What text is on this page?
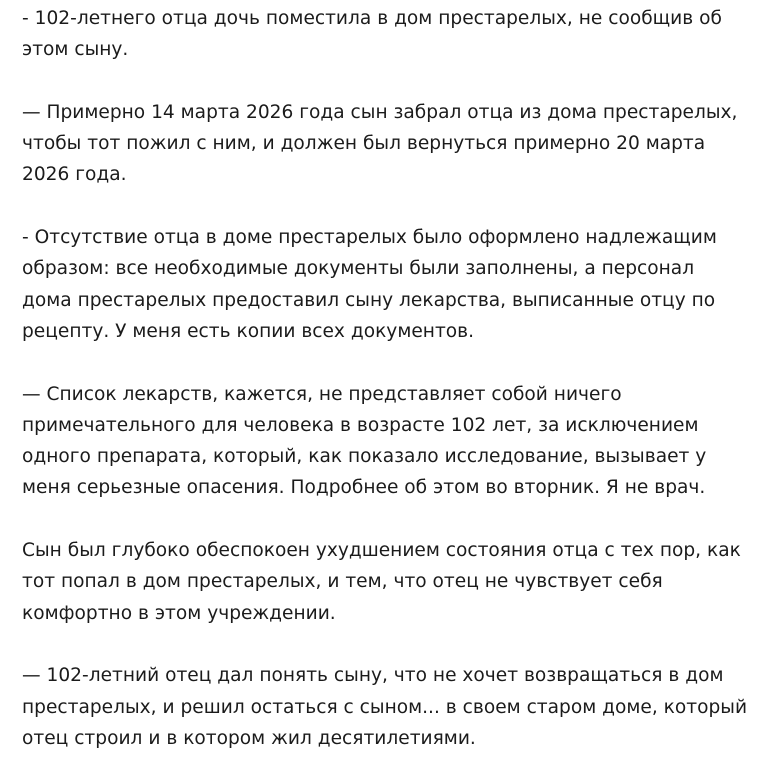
- 102-летнего отца дочь поместила в дом престарелых, не сообщив об
этом сыну.

— Примерно 14 марта 2026 года сын забрал отца из дома престарелых,
чтобы тот пожил с ним, и должен был вернуться примерно 20 марта
2026 года.

- Отсутствие отца в доме престарелых было оформлено надлежащим
образом: все необходимые документы были заполнены, а персонал
дома престарелых предоставил сыну лекарства, выписанные отцу по
рецепту. У меня есть копии всех документов.

— Список лекарств, кажется, не представляет собой ничего
примечательного для человека в возрасте 102 лет, за исключением
одного препарата, который, как показало исследование, вызывает у
меня серьезные опасения. Подробнее об этом во вторник. Я не врач.

Сын был глубоко обеспокоен ухудшением состояния отца с тех пор, как
тот попал в дом престарелых, и тем, что отец не чувствует себя
комфортно в этом учреждении.

— 102-летний отец дал понять сыну, что не хочет возвращаться в дом
престарелых, и решил остаться с сыном... в своем старом доме, который
отец строил и в котором жил десятилетиями.
